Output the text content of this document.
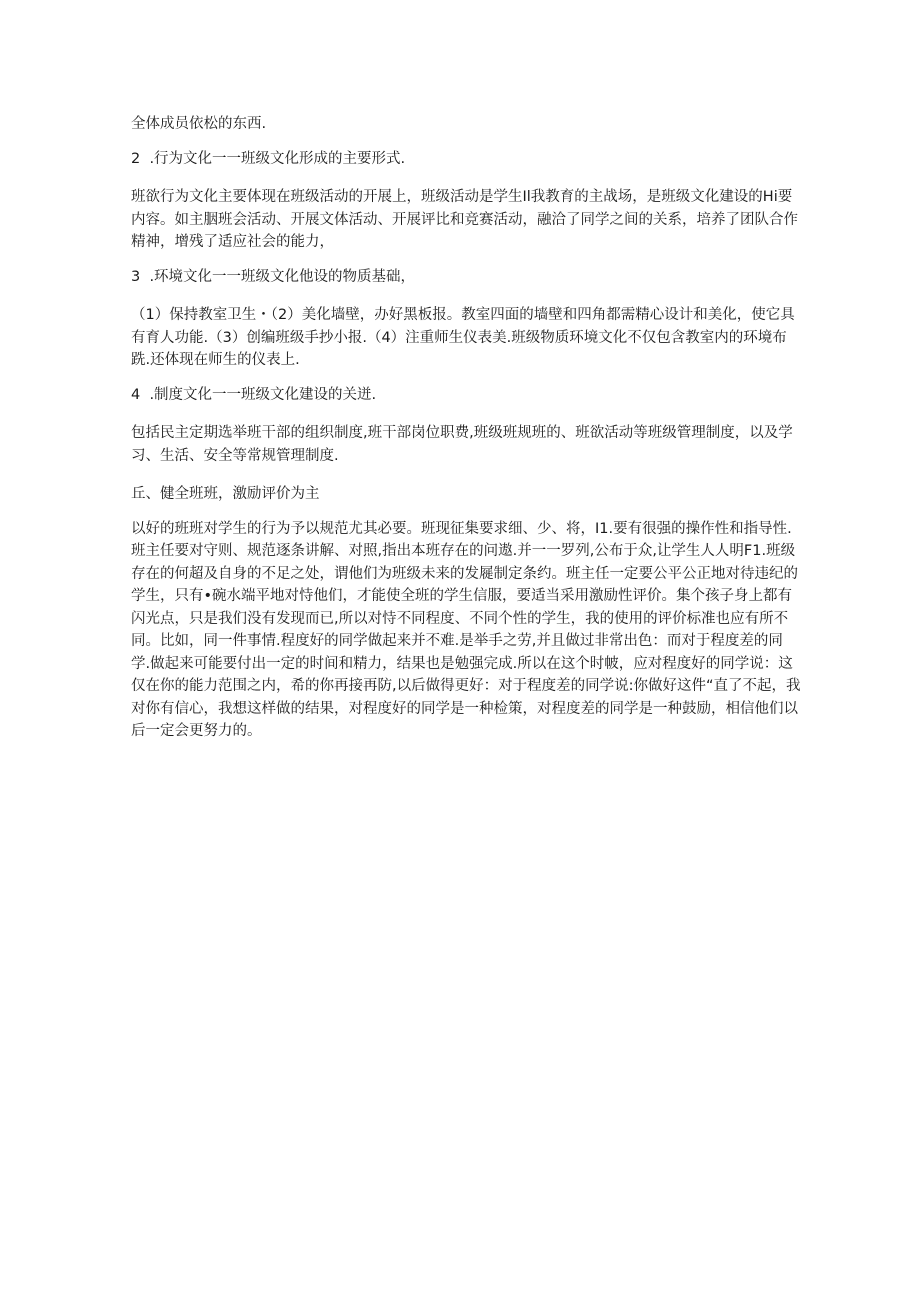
全体成员依松的东西.

2  .行为文化一一班级文化形成的主要形式.

班欲行为文化主要体现在班级活动的开展上，班级活动是学生Il我教育的主战场，是班级文化建设的Hi要内容。如主胭班会活动、开展文体活动、开展评比和竞赛活动，融洽了同学之间的关系，培养了团队合作精神，增残了适应社会的能力，

3  .环境文化一一班级文化他设的物质基础，

（1）保持教室卫生・（2）美化墙壁，办好黑板报。教室四面的墙壁和四角都需精心设计和美化，使它具有育人功能.（3）创编班级手抄小报.（4）注重师生仪表美.班级物质环境文化不仅包含教室内的环境布跣.还体现在师生的仪表上.

4  .制度文化一一班级文化建设的关迸.

包括民主定期选举班干部的组织制度,班干部岗位职费,班级班规班的、班欲活动等班级管理制度，以及学习、生活、安全等常规管理制度.

丘、健全班班，激励评价为主

以好的班班对学生的行为予以规范尤其必要。班现征集要求细、少、将，I1.要有很强的操作性和指导性.班主任要对守则、规范逐条讲解、对照,指出本班存在的问遨.并一一罗列,公布于众,让学生人人明F1.班级存在的何超及自身的不足之处，谓他们为班级未来的发屣制定条约。班主任一定要公平公正地对待违纪的学生，只有•碗水端平地对恃他们，才能使全班的学生信服，要适当采用激励性评价。集个孩子身上都有闪光点，只是我们没有发现而已,所以对恃不同程度、不同个性的学生，我的使用的评价标准也应有所不同。比如，同一件事情.程度好的同学做起来并不难.是举手之劳,并且做过非常出色：而对于程度差的同学.做起来可能要付出一定的时间和精力，结果也是勉强完成.所以在这个时帔，应对程度好的同学说：这仅在你的能力范围之内，希的你再接再防,以后做得更好：对于程度差的同学说:你做好这件“直了不起，我对你有信心，我想这样做的结果，对程度好的同学是一种检策，对程度差的同学是一种鼓励，相信他们以后一定会更努力的。
